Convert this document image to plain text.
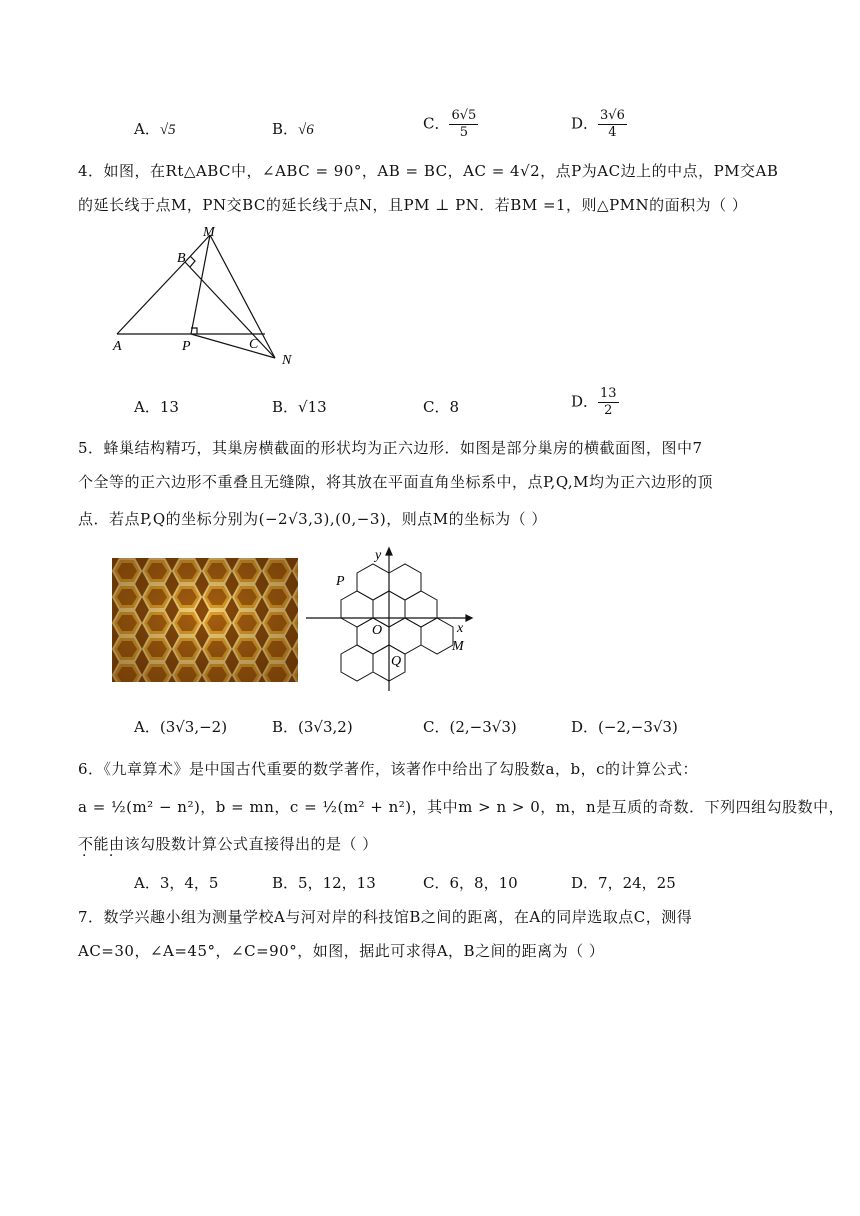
A．√5	B．√6	C． $\frac{6√5}{5}$	D． $\frac{3√6}{4}$
4．如图，在Rt△ABC中，∠ABC = 90°，AB = BC，AC = 4√2，点P为AC边上的中点，PM交AB
的延长线于点M，PN交BC的延长线于点N，且PM ⊥ PN．若BM =1，则△PMN的面积为（ ）
M
B
A	P	C
N
A．13	B．√13	C．8	D． $\frac{13}{2}$
5．蜂巢结构精巧，其巢房横截面的形状均为正六边形．如图是部分巢房的横截面图，图中7
个全等的正六边形不重叠且无缝隙，将其放在平面直角坐标系中，点P,Q,M均为正六边形的顶
点．若点P,Q的坐标分别为(−2√3,3),(0,−3)，则点M的坐标为（ ）
y
x
O
P
Q
M
A．(3√3,−2)	B．(3√3,2)	C．(2,−3√3)	D．(−2,−3√3)
6．《九章算术》是中国古代重要的数学著作，该著作中给出了勾股数a，b，c的计算公式：
a = ½(m² − n²)，b = mn，c = ½(m² + n²)，其中m > n > 0，m，n是互质的奇数．下列四组勾股数中，
不能由该勾股数计算公式直接得出的是（ ）
· ·
A．3，4，5	B．5，12，13	C．6，8，10	D．7，24，25
7．数学兴趣小组为测量学校A与河对岸的科技馆B之间的距离，在A的同岸选取点C，测得
AC=30，∠A=45°，∠C=90°，如图，据此可求得A，B之间的距离为（ ）
